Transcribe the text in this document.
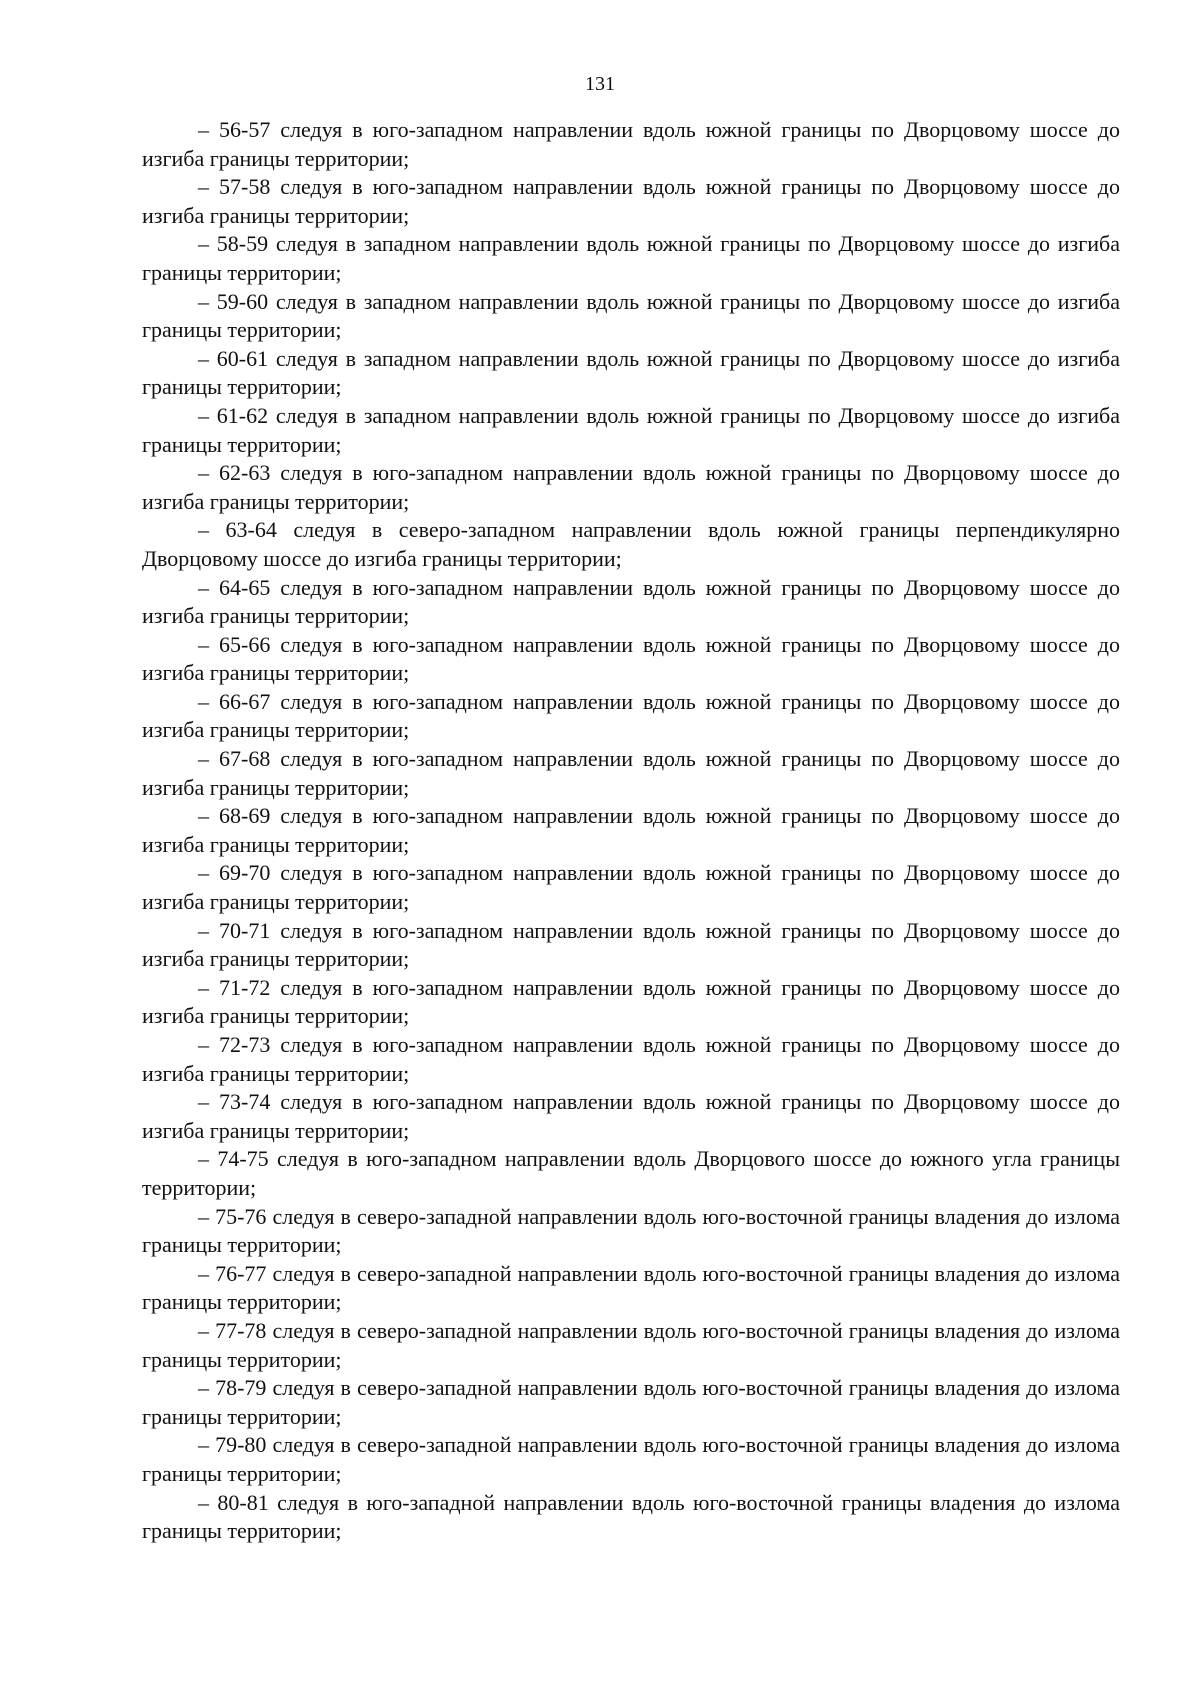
131

– 56-57 следуя в юго-западном направлении вдоль южной границы по Дворцовому шоссе до изгиба границы территории;

– 57-58 следуя в юго-западном направлении вдоль южной границы по Дворцовому шоссе до изгиба границы территории;

– 58-59 следуя в западном направлении вдоль южной границы по Дворцовому шоссе до изгиба границы территории;

– 59-60 следуя в западном направлении вдоль южной границы по Дворцовому шоссе до изгиба границы территории;

– 60-61 следуя в западном направлении вдоль южной границы по Дворцовому шоссе до изгиба границы территории;

– 61-62 следуя в западном направлении вдоль южной границы по Дворцовому шоссе до изгиба границы территории;

– 62-63 следуя в юго-западном направлении вдоль южной границы по Дворцовому шоссе до изгиба границы территории;

– 63-64 следуя в северо-западном направлении вдоль южной границы перпендикулярно Дворцовому шоссе до изгиба границы территории;

– 64-65 следуя в юго-западном направлении вдоль южной границы по Дворцовому шоссе до изгиба границы территории;

– 65-66 следуя в юго-западном направлении вдоль южной границы по Дворцовому шоссе до изгиба границы территории;

– 66-67 следуя в юго-западном направлении вдоль южной границы по Дворцовому шоссе до изгиба границы территории;

– 67-68 следуя в юго-западном направлении вдоль южной границы по Дворцовому шоссе до изгиба границы территории;

– 68-69 следуя в юго-западном направлении вдоль южной границы по Дворцовому шоссе до изгиба границы территории;

– 69-70 следуя в юго-западном направлении вдоль южной границы по Дворцовому шоссе до изгиба границы территории;

– 70-71 следуя в юго-западном направлении вдоль южной границы по Дворцовому шоссе до изгиба границы территории;

– 71-72 следуя в юго-западном направлении вдоль южной границы по Дворцовому шоссе до изгиба границы территории;

– 72-73 следуя в юго-западном направлении вдоль южной границы по Дворцовому шоссе до изгиба границы территории;

– 73-74 следуя в юго-западном направлении вдоль южной границы по Дворцовому шоссе до изгиба границы территории;

– 74-75 следуя в юго-западном направлении вдоль Дворцового шоссе до южного угла границы территории;

– 75-76 следуя в северо-западной направлении вдоль юго-восточной границы владения до излома границы территории;

– 76-77 следуя в северо-западной направлении вдоль юго-восточной границы владения до излома границы территории;

– 77-78 следуя в северо-западной направлении вдоль юго-восточной границы владения до излома границы территории;

– 78-79 следуя в северо-западной направлении вдоль юго-восточной границы владения до излома границы территории;

– 79-80 следуя в северо-западной направлении вдоль юго-восточной границы владения до излома границы территории;

– 80-81 следуя в юго-западной направлении вдоль юго-восточной границы владения до излома границы территории;
